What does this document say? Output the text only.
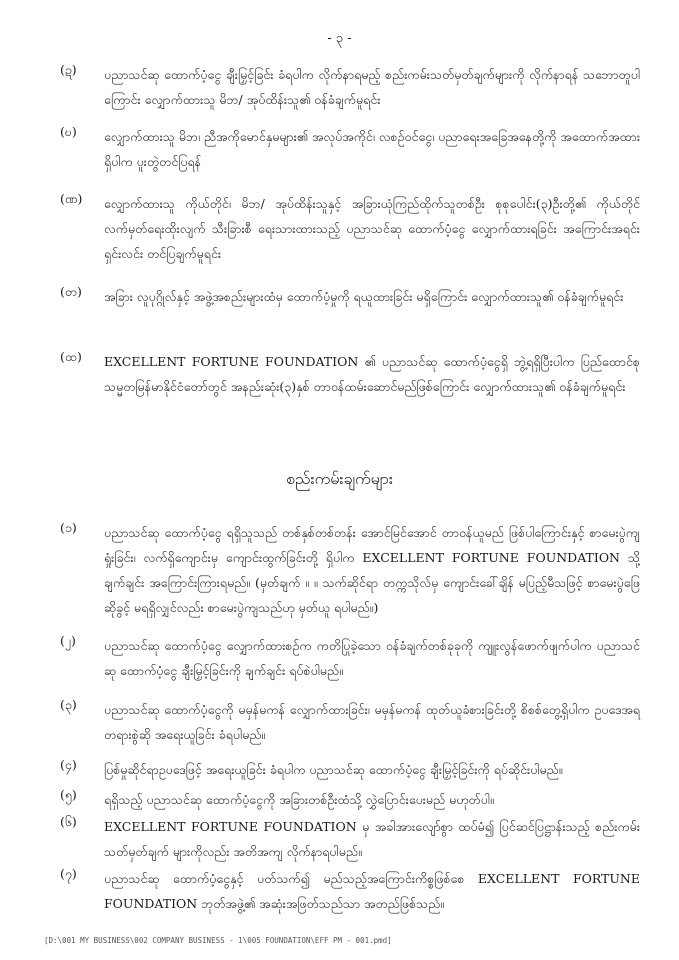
- ၃ -
(ဍ)	ပညာသင်ဆု ထောက်ပံ့ငွေ ချီးမြှင့်ခြင်း ခံရပါက လိုက်နာရမည့် စည်းကမ်းသတ်မှတ်ချက်များကို လိုက်နာရန် သဘောတူပါကြောင်း လျှောက်ထားသူ မိဘ/ အုပ်ထိန်းသူ၏ ဝန်ခံချက်မူရင်း
(ဎ)	လျှောက်ထားသူ မိဘ၊ ညီအကိုမောင်နှမများ၏ အလုပ်အကိုင်၊ လစဉ်ဝင်ငွေ၊ ပညာရေးအခြေအနေတို့ကို အထောက်အထားရှိပါက ပူးတွဲတင်ပြရန်
(ဏ)	လျှောက်ထားသူ ကိုယ်တိုင်၊ မိဘ/ အုပ်ထိန်းသူနှင့် အခြားယုံကြည်ထိုက်သူတစ်ဦး စုစုပေါင်း(၃)ဦးတို့၏ ကိုယ်တိုင် လက်မှတ်ရေးထိုးလျက် သီးခြားစီ ရေးသားထားသည့် ပညာသင်ဆု ထောက်ပံ့ငွေ လျှောက်ထားရခြင်း အကြောင်းအရင်း ရှင်းလင်း တင်ပြချက်မူရင်း
(တ)	အခြား လူပုဂ္ဂိုလ်နှင့် အဖွဲ့အစည်းများထံမှ ထောက်ပံ့မှုကို ရယူထားခြင်း မရှိကြောင်း လျှောက်ထားသူ၏ ဝန်ခံချက်မူရင်း
(ထ)	EXCELLENT FORTUNE FOUNDATION ၏ ပညာသင်ဆု ထောက်ပံ့ငွေရှိ ဘွဲ့ရရှိပြီးပါက ပြည်ထောင်စုသမ္မတမြန်မာနိုင်ငံတော်တွင် အနည်းဆုံး(၃)နှစ် တာဝန်ထမ်းဆောင်မည်ဖြစ်ကြောင်း လျှောက်ထားသူ၏ ဝန်ခံချက်မူရင်း
စည်းကမ်းချက်များ
(၁)	ပညာသင်ဆု ထောက်ပံ့ငွေ ရရှိသူသည် တစ်နှစ်တစ်တန်း အောင်မြင်အောင် တာဝန်ယူမည် ဖြစ်ပါကြောင်းနှင့် စာမေးပွဲကျရှုံးခြင်း၊ လက်ရှိကျောင်းမှ ကျောင်းထွက်ခြင်းတို့ ရှိပါက EXCELLENT FORTUNE FOUNDATION သို့ ချက်ချင်း အကြောင်းကြားရမည်။ (မှတ်ချက် ။ ။ သက်ဆိုင်ရာ တက္ကသိုလ်မှ ကျောင်းခေါ်ချိန် မပြည့်မီသဖြင့် စာမေးပွဲဖြေဆိုခွင့် မရရှိလျှင်လည်း စာမေးပွဲကျသည်ဟု မှတ်ယူ ရပါမည်။)
(၂)	ပညာသင်ဆု ထောက်ပံ့ငွေ လျှောက်ထားစဉ်က ကတိပြုခဲ့သော ဝန်ခံချက်တစ်ခုခုကို ကျူးလွန်ဖောက်ဖျက်ပါက ပညာသင်ဆု ထောက်ပံ့ငွေ ချီးမြှင့်ခြင်းကို ချက်ချင်း ရပ်စဲပါမည်။
(၃)	ပညာသင်ဆု ထောက်ပံ့ငွေကို မမှန်မကန် လျှောက်ထားခြင်း၊ မမှန်မကန် ထုတ်ယူခံစားခြင်းတို့ စိစစ်တွေ့ရှိပါက ဥပဒေအရ တရားစွဲဆို အရေးယူခြင်း ခံရပါမည်။
(၄)	ပြစ်မှုဆိုင်ရာဥပဒေဖြင့် အရေးယူခြင်း ခံရပါက ပညာသင်ဆု ထောက်ပံ့ငွေ ချီးမြှင့်ခြင်းကို ရပ်ဆိုင်းပါမည်။
(၅)	ရရှိသည့် ပညာသင်ဆု ထောက်ပံ့ငွေကို အခြားတစ်ဦးထံသို့ လွှဲပြောင်းပေးမည် မဟုတ်ပါ။
(၆)	EXCELLENT FORTUNE FOUNDATION မှ အခါအားလျော်စွာ ထပ်မံ၍ ပြင်ဆင်ပြဋ္ဌာန်းသည့် စည်းကမ်း သတ်မှတ်ချက် များကိုလည်း အတိအကျ လိုက်နာရပါမည်။
(၇)	ပညာသင်ဆု ထောက်ပံ့ငွေနှင့် ပတ်သက်၍ မည်သည့်အကြောင်းကိစ္စဖြစ်စေ EXCELLENT FORTUNE FOUNDATION ဘုတ်အဖွဲ့၏ အဆုံးအဖြတ်သည်သာ အတည်ဖြစ်သည်။
[D:\001 MY BUSINESS\002 COMPANY BUSINESS - 1\005 FOUNDATION\EFF PM - 001.pmd]
